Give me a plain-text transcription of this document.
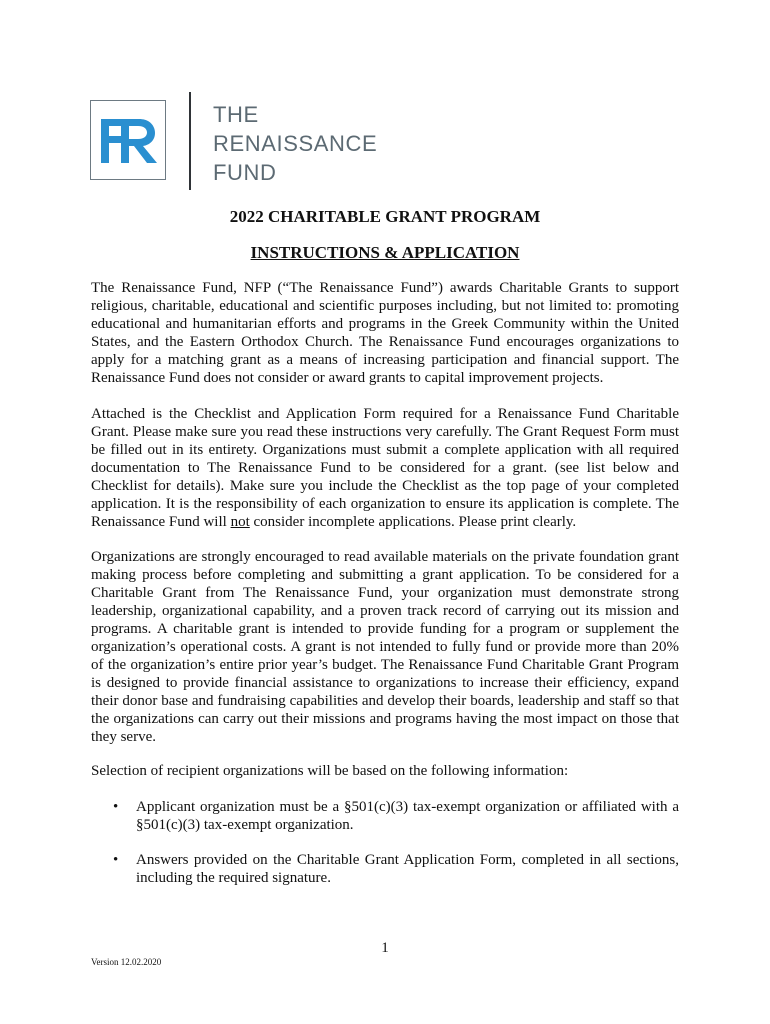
THE
RENAISSANCE
FUND
2022 CHARITABLE GRANT PROGRAM
INSTRUCTIONS & APPLICATION

The Renaissance Fund, NFP (“The Renaissance Fund”) awards Charitable Grants to support religious, charitable, educational and scientific purposes including, but not limited to: promoting educational and humanitarian efforts and programs in the Greek Community within the United States, and the Eastern Orthodox Church. The Renaissance Fund encourages organizations to apply for a matching grant as a means of increasing participation and financial support. The Renaissance Fund does not consider or award grants to capital improvement projects.

Attached is the Checklist and Application Form required for a Renaissance Fund Charitable Grant. Please make sure you read these instructions very carefully. The Grant Request Form must be filled out in its entirety. Organizations must submit a complete application with all required documentation to The Renaissance Fund to be considered for a grant. (see list below and Checklist for details). Make sure you include the Checklist as the top page of your completed application. It is the responsibility of each organization to ensure its application is complete. The Renaissance Fund will not consider incomplete applications. Please print clearly.

Organizations are strongly encouraged to read available materials on the private foundation grant making process before completing and submitting a grant application. To be considered for a Charitable Grant from The Renaissance Fund, your organization must demonstrate strong leadership, organizational capability, and a proven track record of carrying out its mission and programs. A charitable grant is intended to provide funding for a program or supplement the organization’s operational costs. A grant is not intended to fully fund or provide more than 20% of the organization’s entire prior year’s budget. The Renaissance Fund Charitable Grant Program is designed to provide financial assistance to organizations to increase their efficiency, expand their donor base and fundraising capabilities and develop their boards, leadership and staff so that the organizations can carry out their missions and programs having the most impact on those that they serve.

Selection of recipient organizations will be based on the following information:

• Applicant organization must be a §501(c)(3) tax-exempt organization or affiliated with a §501(c)(3) tax-exempt organization.
• Answers provided on the Charitable Grant Application Form, completed in all sections, including the required signature.
1
Version 12.02.2020
